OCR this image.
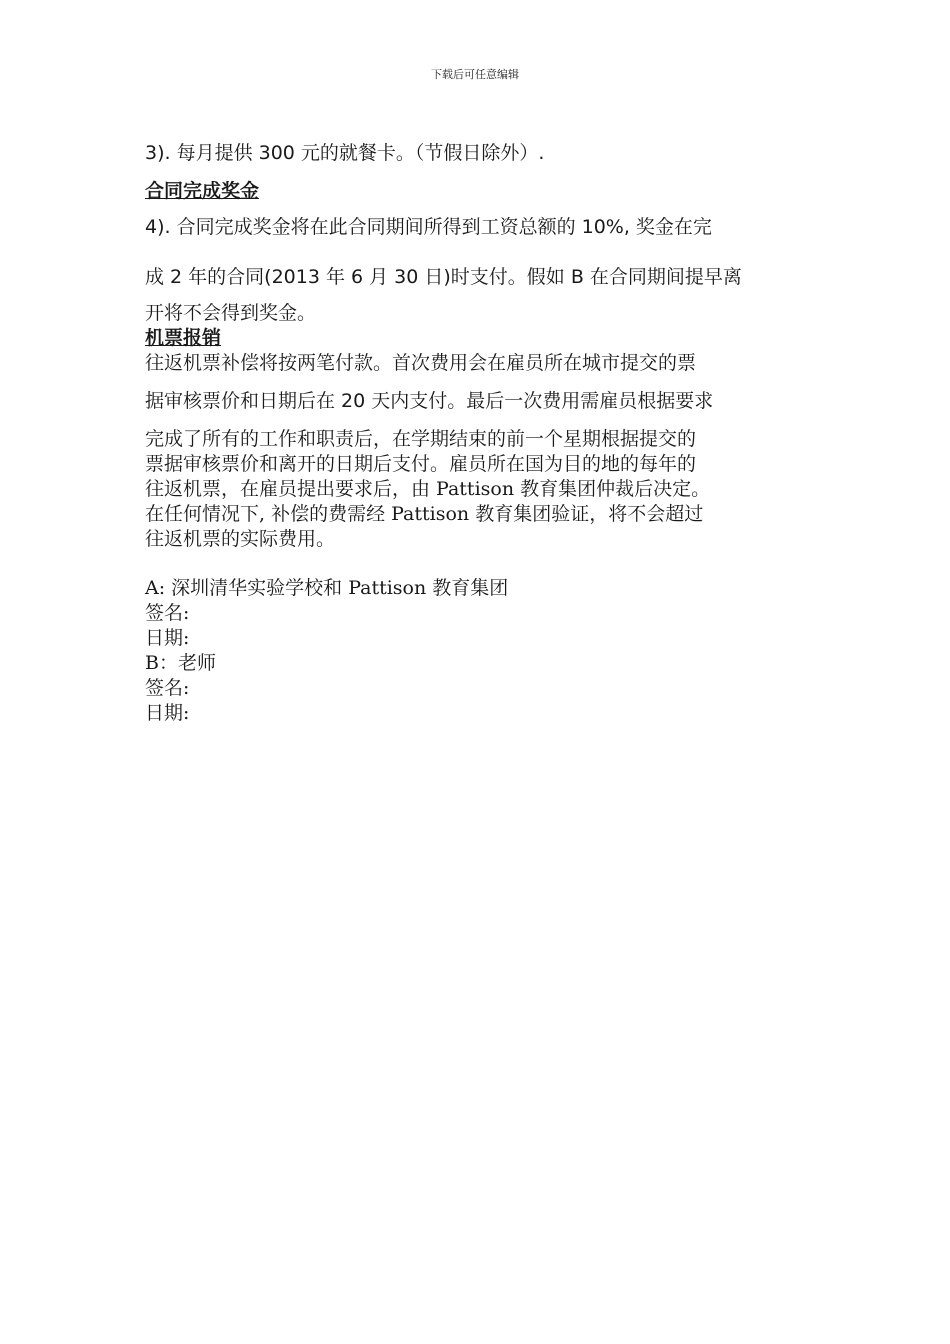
下载后可任意编辑
3). 每月提供 300 元的就餐卡。（节假日除外）.
合同完成奖金
4). 合同完成奖金将在此合同期间所得到工资总额的 10%, 奖金在完
成 2 年的合同(2013 年 6 月 30 日)时支付。假如 B 在合同期间提早离
开将不会得到奖金。
机票报销
往返机票补偿将按两笔付款。首次费用会在雇员所在城市提交的票
据审核票价和日期后在 20 天内支付。最后一次费用需雇员根据要求
完成了所有的工作和职责后，在学期结束的前一个星期根据提交的
票据审核票价和离开的日期后支付。雇员所在国为目的地的每年的
往返机票，在雇员提出要求后，由 Pattison 教育集团仲裁后决定。
在任何情况下, 补偿的费需经 Pattison 教育集团验证，将不会超过
往返机票的实际费用。
A: 深圳清华实验学校和 Pattison 教育集团
签名:
日期:
B：老师
签名:
日期:
